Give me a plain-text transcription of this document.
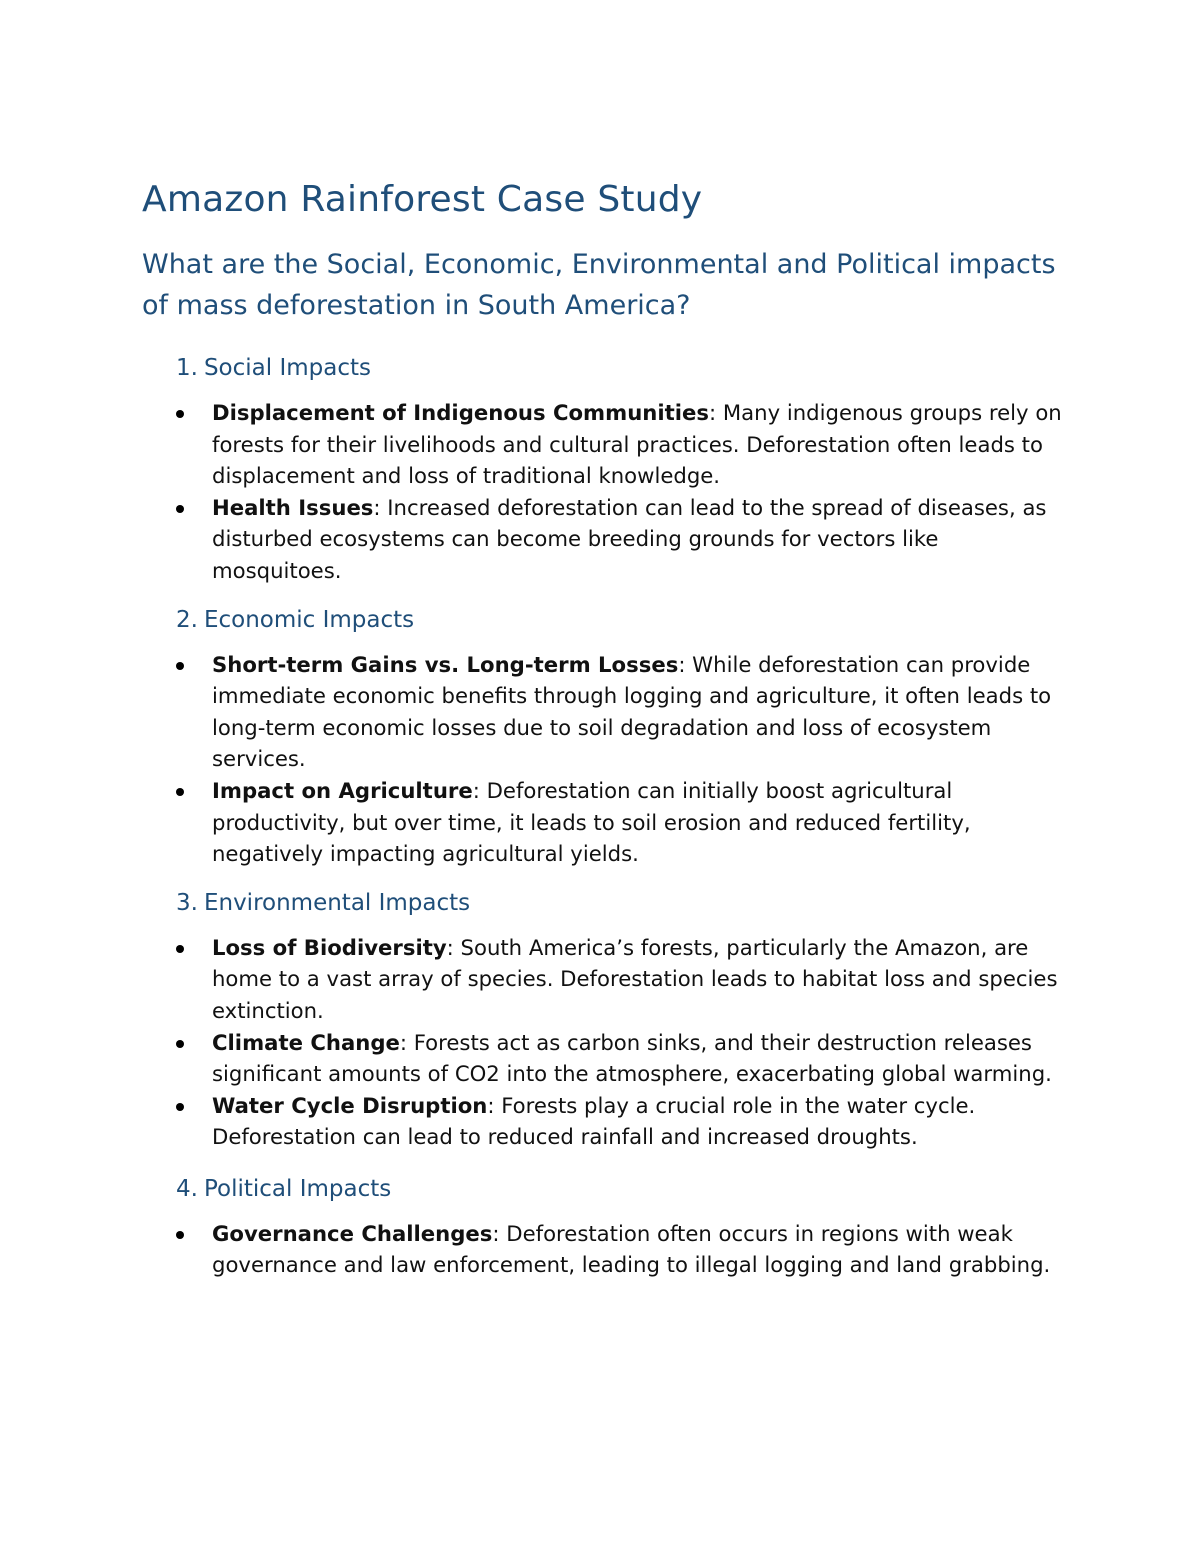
Amazon Rainforest Case Study
What are the Social, Economic, Environmental and Political impacts of mass deforestation in South America?
1. Social Impacts
Displacement of Indigenous Communities: Many indigenous groups rely on forests for their livelihoods and cultural practices. Deforestation often leads to displacement and loss of traditional knowledge.
Health Issues: Increased deforestation can lead to the spread of diseases, as disturbed ecosystems can become breeding grounds for vectors like mosquitoes.
2. Economic Impacts
Short-term Gains vs. Long-term Losses: While deforestation can provide immediate economic benefits through logging and agriculture, it often leads to long-term economic losses due to soil degradation and loss of ecosystem services.
Impact on Agriculture: Deforestation can initially boost agricultural productivity, but over time, it leads to soil erosion and reduced fertility, negatively impacting agricultural yields.
3. Environmental Impacts
Loss of Biodiversity: South America’s forests, particularly the Amazon, are home to a vast array of species. Deforestation leads to habitat loss and species extinction.
Climate Change: Forests act as carbon sinks, and their destruction releases significant amounts of CO2 into the atmosphere, exacerbating global warming.
Water Cycle Disruption: Forests play a crucial role in the water cycle. Deforestation can lead to reduced rainfall and increased droughts.
4. Political Impacts
Governance Challenges: Deforestation often occurs in regions with weak governance and law enforcement, leading to illegal logging and land grabbing.
